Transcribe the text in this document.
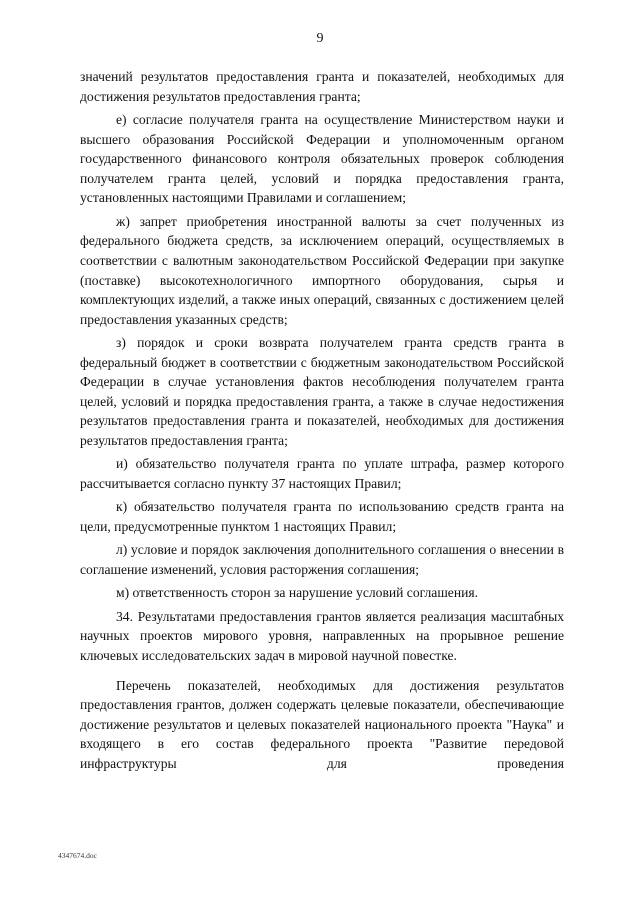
9

значений результатов предоставления гранта и показателей, необходимых для достижения результатов предоставления гранта;

е) согласие получателя гранта на осуществление Министерством науки и высшего образования Российской Федерации и уполномоченным органом государственного финансового контроля обязательных проверок соблюдения получателем гранта целей, условий и порядка предоставления гранта, установленных настоящими Правилами и соглашением;

ж) запрет приобретения иностранной валюты за счет полученных из федерального бюджета средств, за исключением операций, осуществляемых в соответствии с валютным законодательством Российской Федерации при закупке (поставке) высокотехнологичного импортного оборудования, сырья и комплектующих изделий, а также иных операций, связанных с достижением целей предоставления указанных средств;

з) порядок и сроки возврата получателем гранта средств гранта в федеральный бюджет в соответствии с бюджетным законодательством Российской Федерации в случае установления фактов несоблюдения получателем гранта целей, условий и порядка предоставления гранта, а также в случае недостижения результатов предоставления гранта и показателей, необходимых для достижения результатов предоставления гранта;

и) обязательство получателя гранта по уплате штрафа, размер которого рассчитывается согласно пункту 37 настоящих Правил;

к) обязательство получателя гранта по использованию средств гранта на цели, предусмотренные пунктом 1 настоящих Правил;

л) условие и порядок заключения дополнительного соглашения о внесении в соглашение изменений, условия расторжения соглашения;

м) ответственность сторон за нарушение условий соглашения.

34. Результатами предоставления грантов является реализация масштабных научных проектов мирового уровня, направленных на прорывное решение ключевых исследовательских задач в мировой научной повестке.

Перечень показателей, необходимых для достижения результатов предоставления грантов, должен содержать целевые показатели, обеспечивающие достижение результатов и целевых показателей национального проекта "Наука" и входящего в его состав федерального проекта "Развитие передовой инфраструктуры для проведения

4347674.doc
